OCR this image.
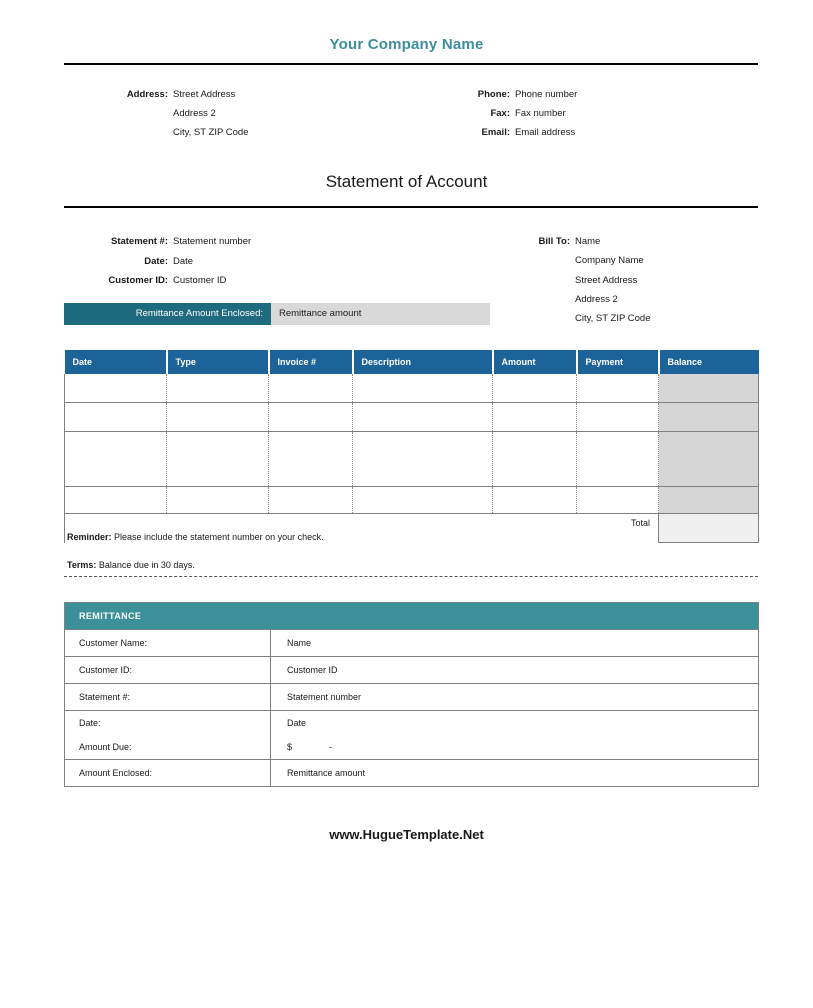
Your Company Name
Address: Street Address
Address 2
City, ST ZIP Code
Phone: Phone number
Fax: Fax number
Email: Email address
Statement of Account
Statement #: Statement number
Date: Date
Customer ID: Customer ID
Bill To: Name
Company Name
Street Address
Address 2
City, ST ZIP Code
Remittance Amount Enclosed:	Remittance amount
Date	Type	Invoice #	Description	Amount	Payment	Balance

					Total	
Reminder: Please include the statement number on your check.
Terms: Balance due in 30 days.
REMITTANCE	
Customer Name:	Name
Customer ID:	Customer ID
Statement #:	Statement number
Date:	Date
Amount Due:	$ -
Amount Enclosed:	Remittance amount
www.HugueTemplate.Net
